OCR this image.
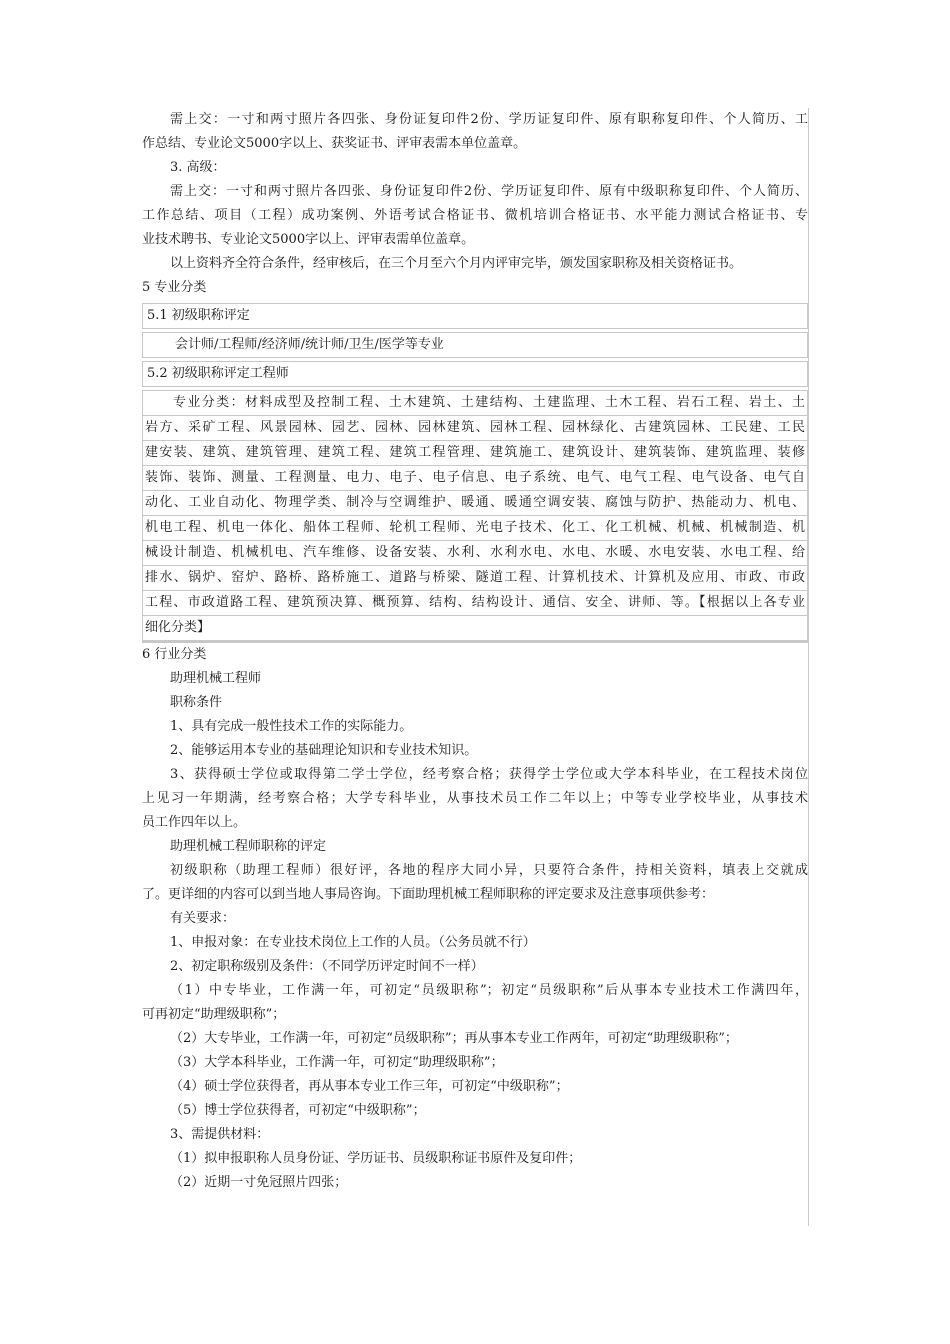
需上交：一寸和两寸照片各四张、身份证复印件2份、学历证复印件、原有职称复印件、个人简历、工
作总结、专业论文5000字以上、获奖证书、评审表需本单位盖章。
3. 高级：
需上交：一寸和两寸照片各四张、身份证复印件2份、学历证复印件、原有中级职称复印件、个人简历、
工作总结、项目（工程）成功案例、外语考试合格证书、微机培训合格证书、水平能力测试合格证书、专
业技术聘书、专业论文5000字以上、评审表需单位盖章。
以上资料齐全符合条件，经审核后，在三个月至六个月内评审完毕，颁发国家职称及相关资格证书。
5 专业分类
5.1 初级职称评定
会计师/工程师/经济师/统计师/卫生/医学等专业
5.2 初级职称评定工程师
专业分类：材料成型及控制工程、土木建筑、土建结构、土建监理、土木工程、岩石工程、岩土、土
岩方、采矿工程、风景园林、园艺、园林、园林建筑、园林工程、园林绿化、古建筑园林、工民建、工民
建安装、建筑、建筑管理、建筑工程、建筑工程管理、建筑施工、建筑设计、建筑装饰、建筑监理、装修
装饰、装饰、测量、工程测量、电力、电子、电子信息、电子系统、电气、电气工程、电气设备、电气自
动化、工业自动化、物理学类、制冷与空调维护、暖通、暖通空调安装、腐蚀与防护、热能动力、机电、
机电工程、机电一体化、船体工程师、轮机工程师、光电子技术、化工、化工机械、机械、机械制造、机
械设计制造、机械机电、汽车维修、设备安装、水利、水利水电、水电、水暖、水电安装、水电工程、给
排水、锅炉、窑炉、路桥、路桥施工、道路与桥梁、隧道工程、计算机技术、计算机及应用、市政、市政
工程、市政道路工程、建筑预决算、概预算、结构、结构设计、通信、安全、讲师、等。【根据以上各专业
细化分类】
6 行业分类
助理机械工程师
职称条件
1、具有完成一般性技术工作的实际能力。
2、能够运用本专业的基础理论知识和专业技术知识。
3、获得硕士学位或取得第二学士学位，经考察合格；获得学士学位或大学本科毕业，在工程技术岗位
上见习一年期满，经考察合格；大学专科毕业，从事技术员工作二年以上；中等专业学校毕业，从事技术
员工作四年以上。
助理机械工程师职称的评定
初级职称（助理工程师）很好评，各地的程序大同小异，只要符合条件，持相关资料，填表上交就成
了。更详细的内容可以到当地人事局咨询。下面助理机械工程师职称的评定要求及注意事项供参考：
有关要求：
1、申报对象：在专业技术岗位上工作的人员。（公务员就不行）
2、初定职称级别及条件：（不同学历评定时间不一样）
（1）中专毕业，工作满一年，可初定“员级职称”；初定“员级职称”后从事本专业技术工作满四年，
可再初定“助理级职称”；
（2）大专毕业，工作满一年，可初定“员级职称”；再从事本专业工作两年，可初定“助理级职称”；
（3）大学本科毕业，工作满一年，可初定“助理级职称”；
（4）硕士学位获得者，再从事本专业工作三年，可初定“中级职称”；
（5）博士学位获得者，可初定“中级职称”；
3、需提供材料：
（1）拟申报职称人员身份证、学历证书、员级职称证书原件及复印件；
（2）近期一寸免冠照片四张；
